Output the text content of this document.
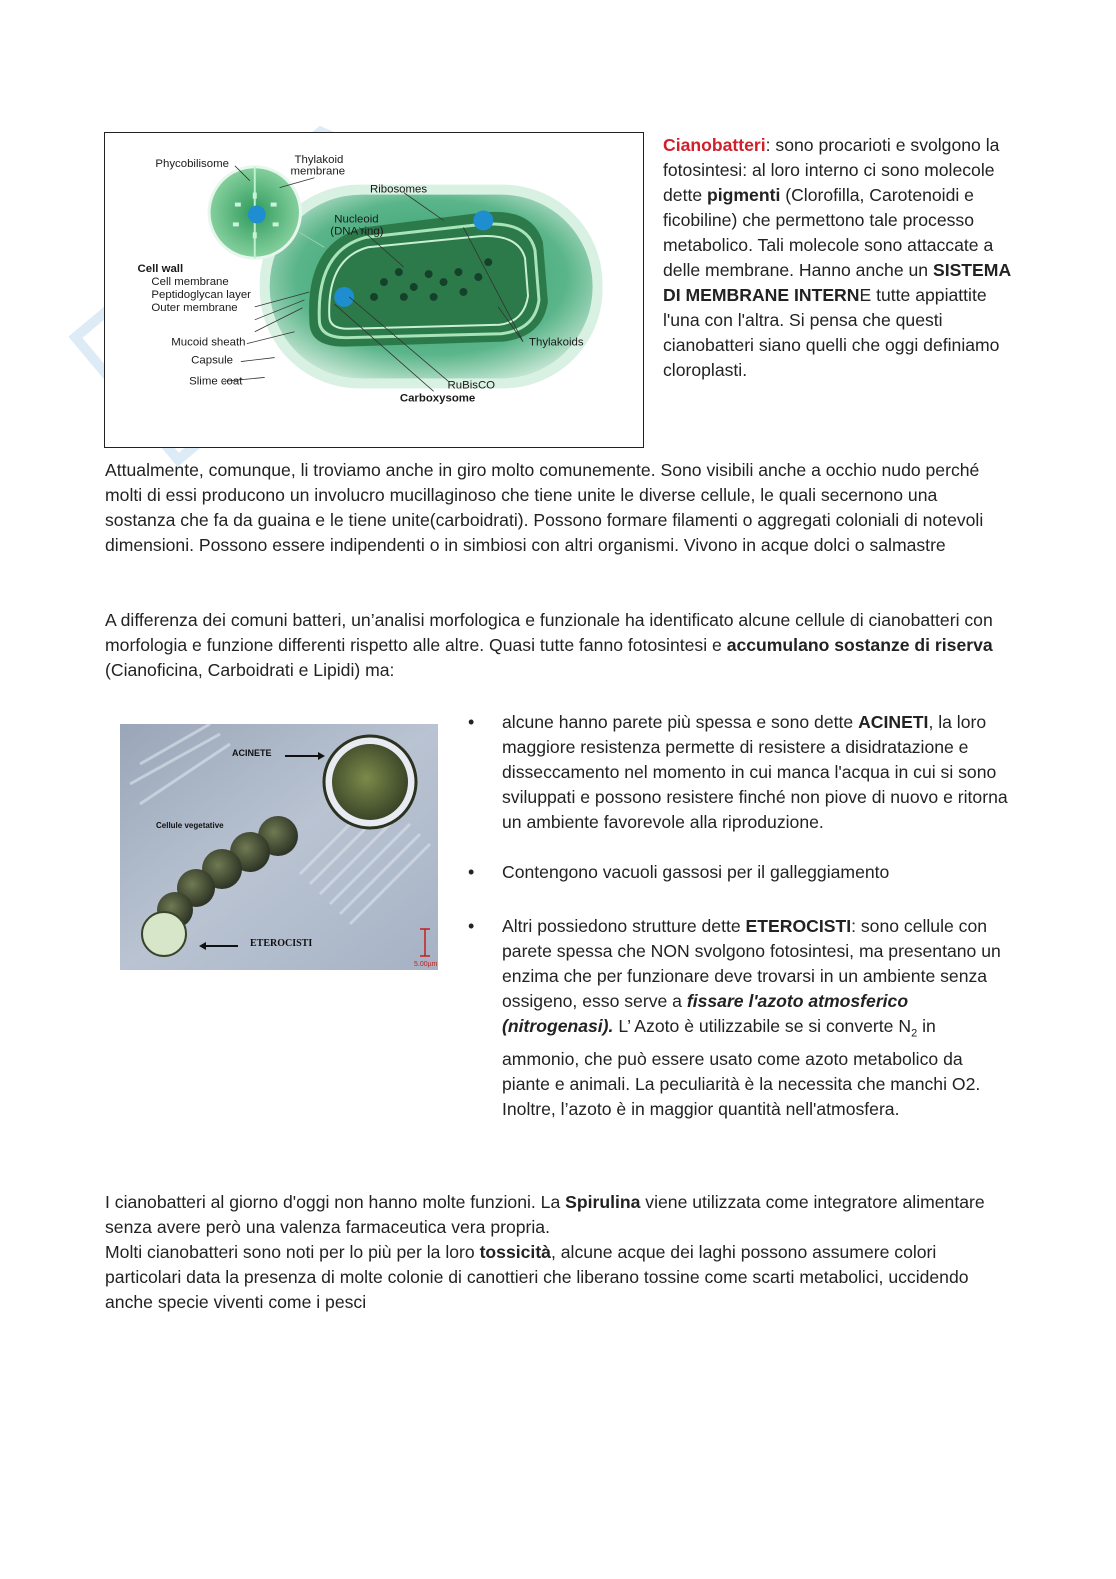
Phycobilisome	Thylakoid
membrane
Ribosomes
Nucleoid
(DNA ring)
Cell wall
Cell membrane
Peptidoglycan layer
Outer membrane
Mucoid sheath
Capsule
Slime coat
Thylakoids
RuBisCO
Carboxysome
Cianobatteri: sono procarioti e svolgono la fotosintesi: al loro interno ci sono molecole dette pigmenti (Clorofilla, Carotenoidi e ficobiline) che permettono tale processo metabolico. Tali molecole sono attaccate a delle membrane. Hanno anche un SISTEMA DI MEMBRANE INTERNE tutte appiattite l'una con l'altra. Si pensa che questi cianobatteri siano quelli che oggi definiamo cloroplasti.
Attualmente, comunque, li troviamo anche in giro molto comunemente. Sono visibili anche a occhio nudo perché molti di essi producono un involucro mucillaginoso che tiene unite le diverse cellule, le quali secernono una sostanza che fa da guaina e le tiene unite(carboidrati). Possono formare filamenti o aggregati coloniali di notevoli dimensioni. Possono essere indipendenti o in simbiosi con altri organismi. Vivono in acque dolci o salmastre
A differenza dei comuni batteri, un’analisi morfologica e funzionale ha identificato alcune cellule di cianobatteri con morfologia e funzione differenti rispetto alle altre. Quasi tutte fanno fotosintesi e accumulano sostanze di riserva (Cianoficina, Carboidrati e Lipidi) ma:
ACINETE
Cellule vegetative
ETEROCISTI
5.00µm
• alcune hanno parete più spessa e sono dette ACINETI, la loro maggiore resistenza permette di resistere a disidratazione e disseccamento nel momento in cui manca l'acqua in cui si sono sviluppati e possono resistere finché non piove di nuovo e ritorna un ambiente favorevole alla riproduzione.
• Contengono vacuoli gassosi per il galleggiamento
• Altri possiedono strutture dette ETEROCISTI: sono cellule con parete spessa che NON svolgono fotosintesi, ma presentano un enzima che per funzionare deve trovarsi in un ambiente senza ossigeno, esso serve a fissare l'azoto atmosferico (nitrogenasi). L’ Azoto è utilizzabile se si converte $N_2$ in ammonio, che può essere usato come azoto metabolico da piante e animali. La peculiarità è la necessita che manchi O2. Inoltre, l’azoto è in maggior quantità nell'atmosfera.
I cianobatteri al giorno d'oggi non hanno molte funzioni. La Spirulina viene utilizzata come integratore alimentare senza avere però una valenza farmaceutica vera propria.
Molti cianobatteri sono noti per lo più per la loro tossicità, alcune acque dei laghi possono assumere colori particolari data la presenza di molte colonie di canottieri che liberano tossine come scarti metabolici, uccidendo anche specie viventi come i pesci
